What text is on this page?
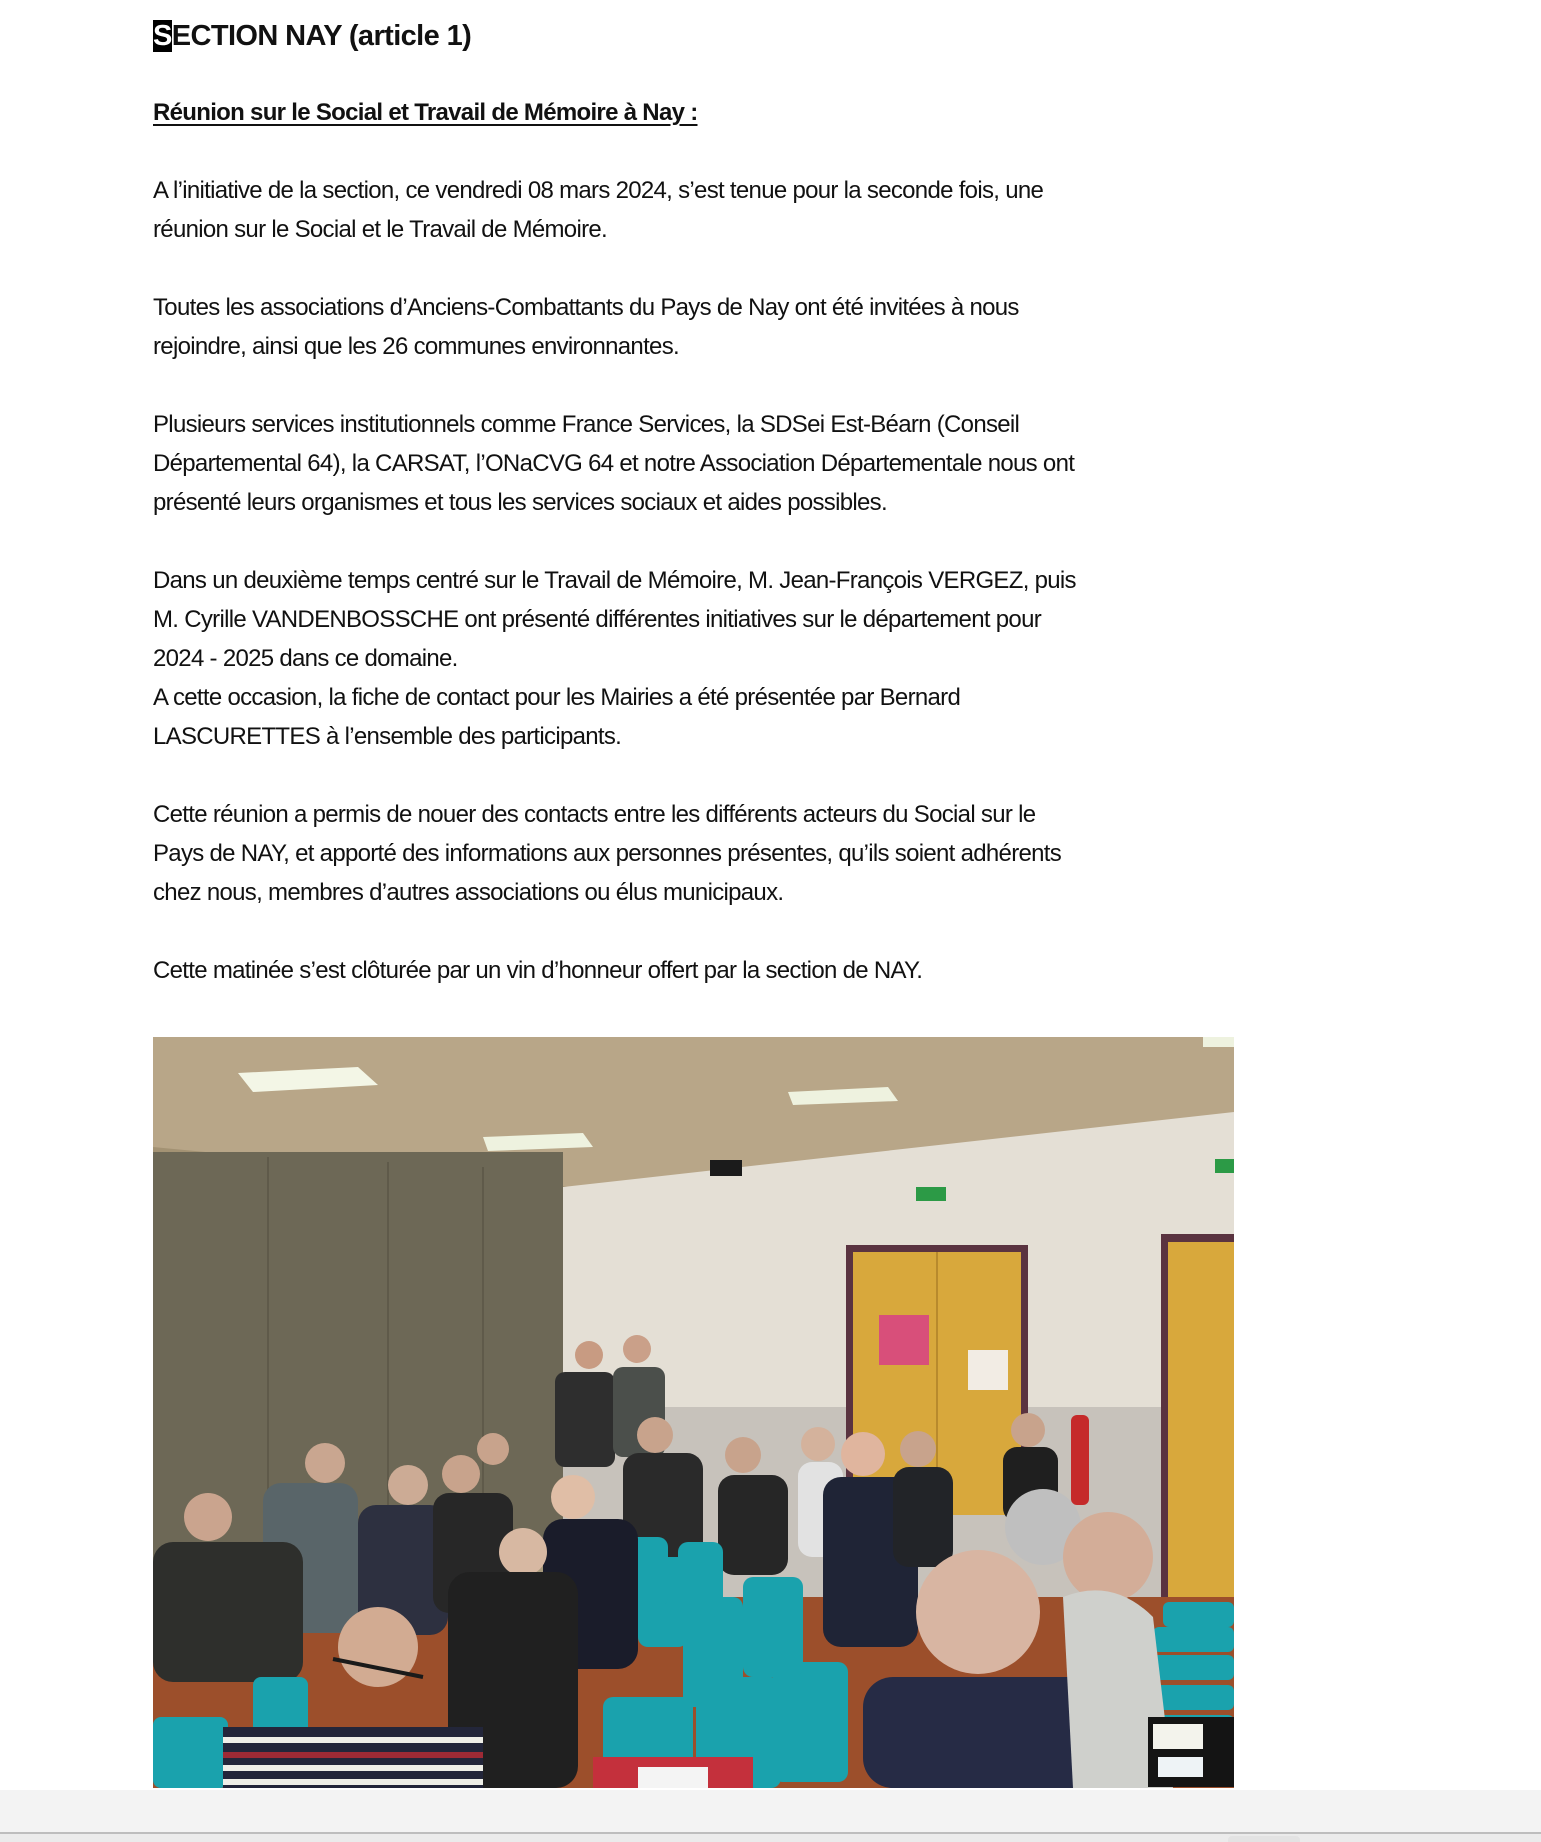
SECTION NAY (article 1)
Réunion sur le Social et Travail de Mémoire à Nay :
A l’initiative de la section, ce vendredi 08 mars 2024, s’est tenue pour la seconde fois, une
réunion sur le Social et le Travail de Mémoire.
Toutes les associations d’Anciens-Combattants du Pays de Nay ont été invitées à nous
rejoindre, ainsi que les 26 communes environnantes.
Plusieurs services institutionnels comme France Services, la SDSei Est-Béarn (Conseil
Départemental 64), la CARSAT, l’ONaCVG 64 et notre Association Départementale nous ont
présenté leurs organismes et tous les services sociaux et aides possibles.
Dans un deuxième temps centré sur le Travail de Mémoire, M. Jean-François VERGEZ, puis
M. Cyrille VANDENBOSSCHE ont présenté différentes initiatives sur le département pour
2024 - 2025 dans ce domaine.
A cette occasion, la fiche de contact pour les Mairies a été présentée par Bernard
LASCURETTES à l’ensemble des participants.
Cette réunion a permis de nouer des contacts entre les différents acteurs du Social sur le
Pays de NAY, et apporté des informations aux personnes présentes, qu’ils soient adhérents
chez nous, membres d’autres associations ou élus municipaux.
Cette matinée s’est clôturée par un vin d’honneur offert par la section de NAY.
